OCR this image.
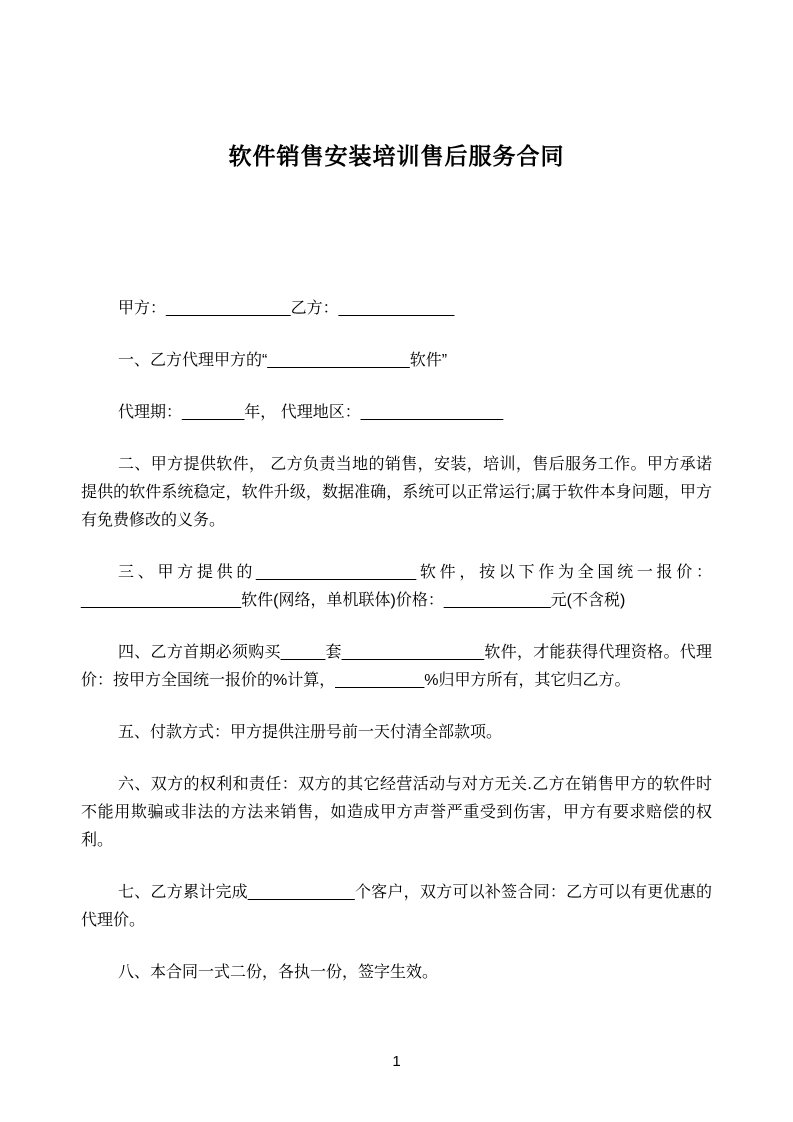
软件销售安装培训售后服务合同

甲方：______________乙方：_____________

一、乙方代理甲方的“________________软件”

代理期：_______年， 代理地区：________________

二、甲方提供软件， 乙方负责当地的销售，安装，培训，售后服务工作。甲方承诺提供的软件系统稳定，软件升级，数据准确，系统可以正常运行;属于软件本身问题，甲方有免费修改的义务。

三、甲方提供的__________________软件，按以下作为全国统一报价：__________________软件(网络，单机联体)价格：____________元(不含税)

四、乙方首期必须购买_____套________________软件，才能获得代理资格。代理价：按甲方全国统一报价的%计算，__________%归甲方所有，其它归乙方。

五、付款方式：甲方提供注册号前一天付清全部款项。

六、双方的权利和责任：双方的其它经营活动与对方无关.乙方在销售甲方的软件时不能用欺骗或非法的方法来销售，如造成甲方声誉严重受到伤害，甲方有要求赔偿的权利。

七、乙方累计完成____________个客户，双方可以补签合同：乙方可以有更优惠的代理价。

八、本合同一式二份，各执一份，签字生效。

1
